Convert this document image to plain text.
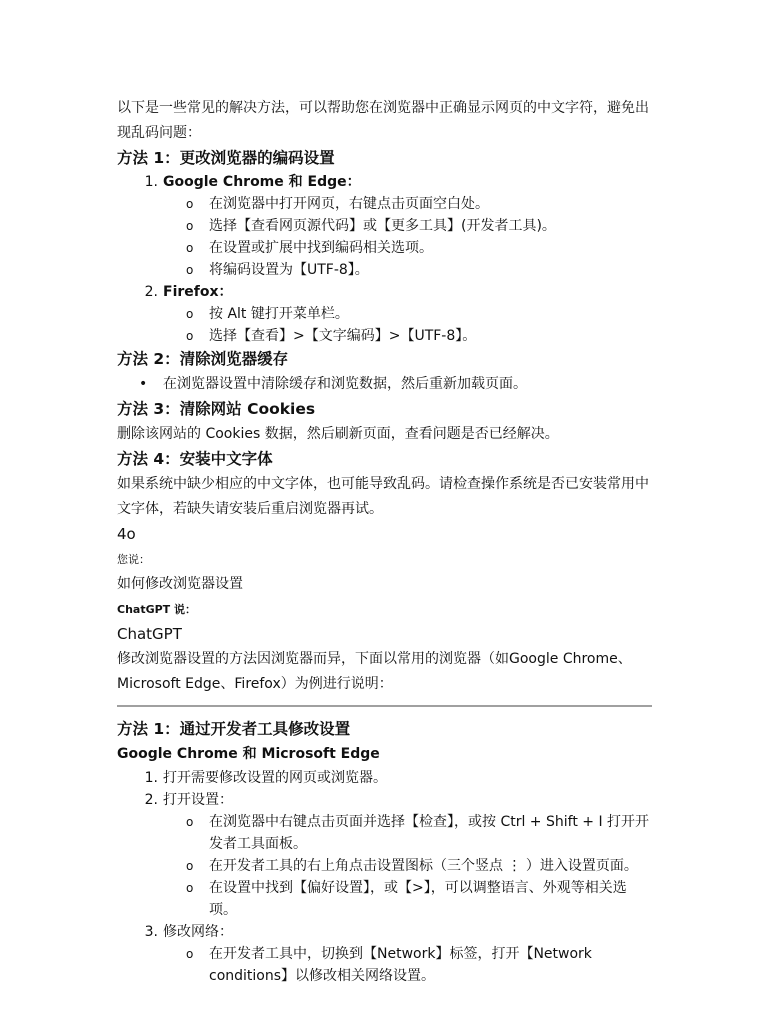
以下是一些常见的解决方法，可以帮助您在浏览器中正确显示网页的中文字符，避免出现乱码问题：

方法 1：更改浏览器的编码设置

1. Google Chrome 和 Edge：
o 在浏览器中打开网页，右键点击页面空白处。
o 选择【查看网页源代码】或【更多工具】(开发者工具)。
o 在设置或扩展中找到编码相关选项。
o 将编码设置为【UTF-8】。
2. Firefox：
o 按 Alt 键打开菜单栏。
o 选择【查看】>【文字编码】>【UTF-8】。

方法 2：清除浏览器缓存

• 在浏览器设置中清除缓存和浏览数据，然后重新加载页面。

方法 3：清除网站 Cookies

删除该网站的 Cookies 数据，然后刷新页面，查看问题是否已经解决。

方法 4：安装中文字体

如果系统中缺少相应的中文字体，也可能导致乱码。请检查操作系统是否已安装常用中文字体，若缺失请安装后重启浏览器再试。

4o

您说：

如何修改浏览器设置

ChatGPT 说：

ChatGPT

修改浏览器设置的方法因浏览器而异，下面以常用的浏览器（如Google Chrome、Microsoft Edge、Firefox）为例进行说明：

方法 1：通过开发者工具修改设置

Google Chrome 和 Microsoft Edge

1. 打开需要修改设置的网页或浏览器。
2. 打开设置：
o 在浏览器中右键点击页面并选择【检查】，或按 Ctrl + Shift + I 打开开发者工具面板。
o 在开发者工具的右上角点击设置图标（三个竖点 ⋮ ）进入设置页面。
o 在设置中找到【偏好设置】，或【>】，可以调整语言、外观等相关选项。
3. 修改网络：
o 在开发者工具中，切换到【Network】标签，打开【Network conditions】以修改相关网络设置。
